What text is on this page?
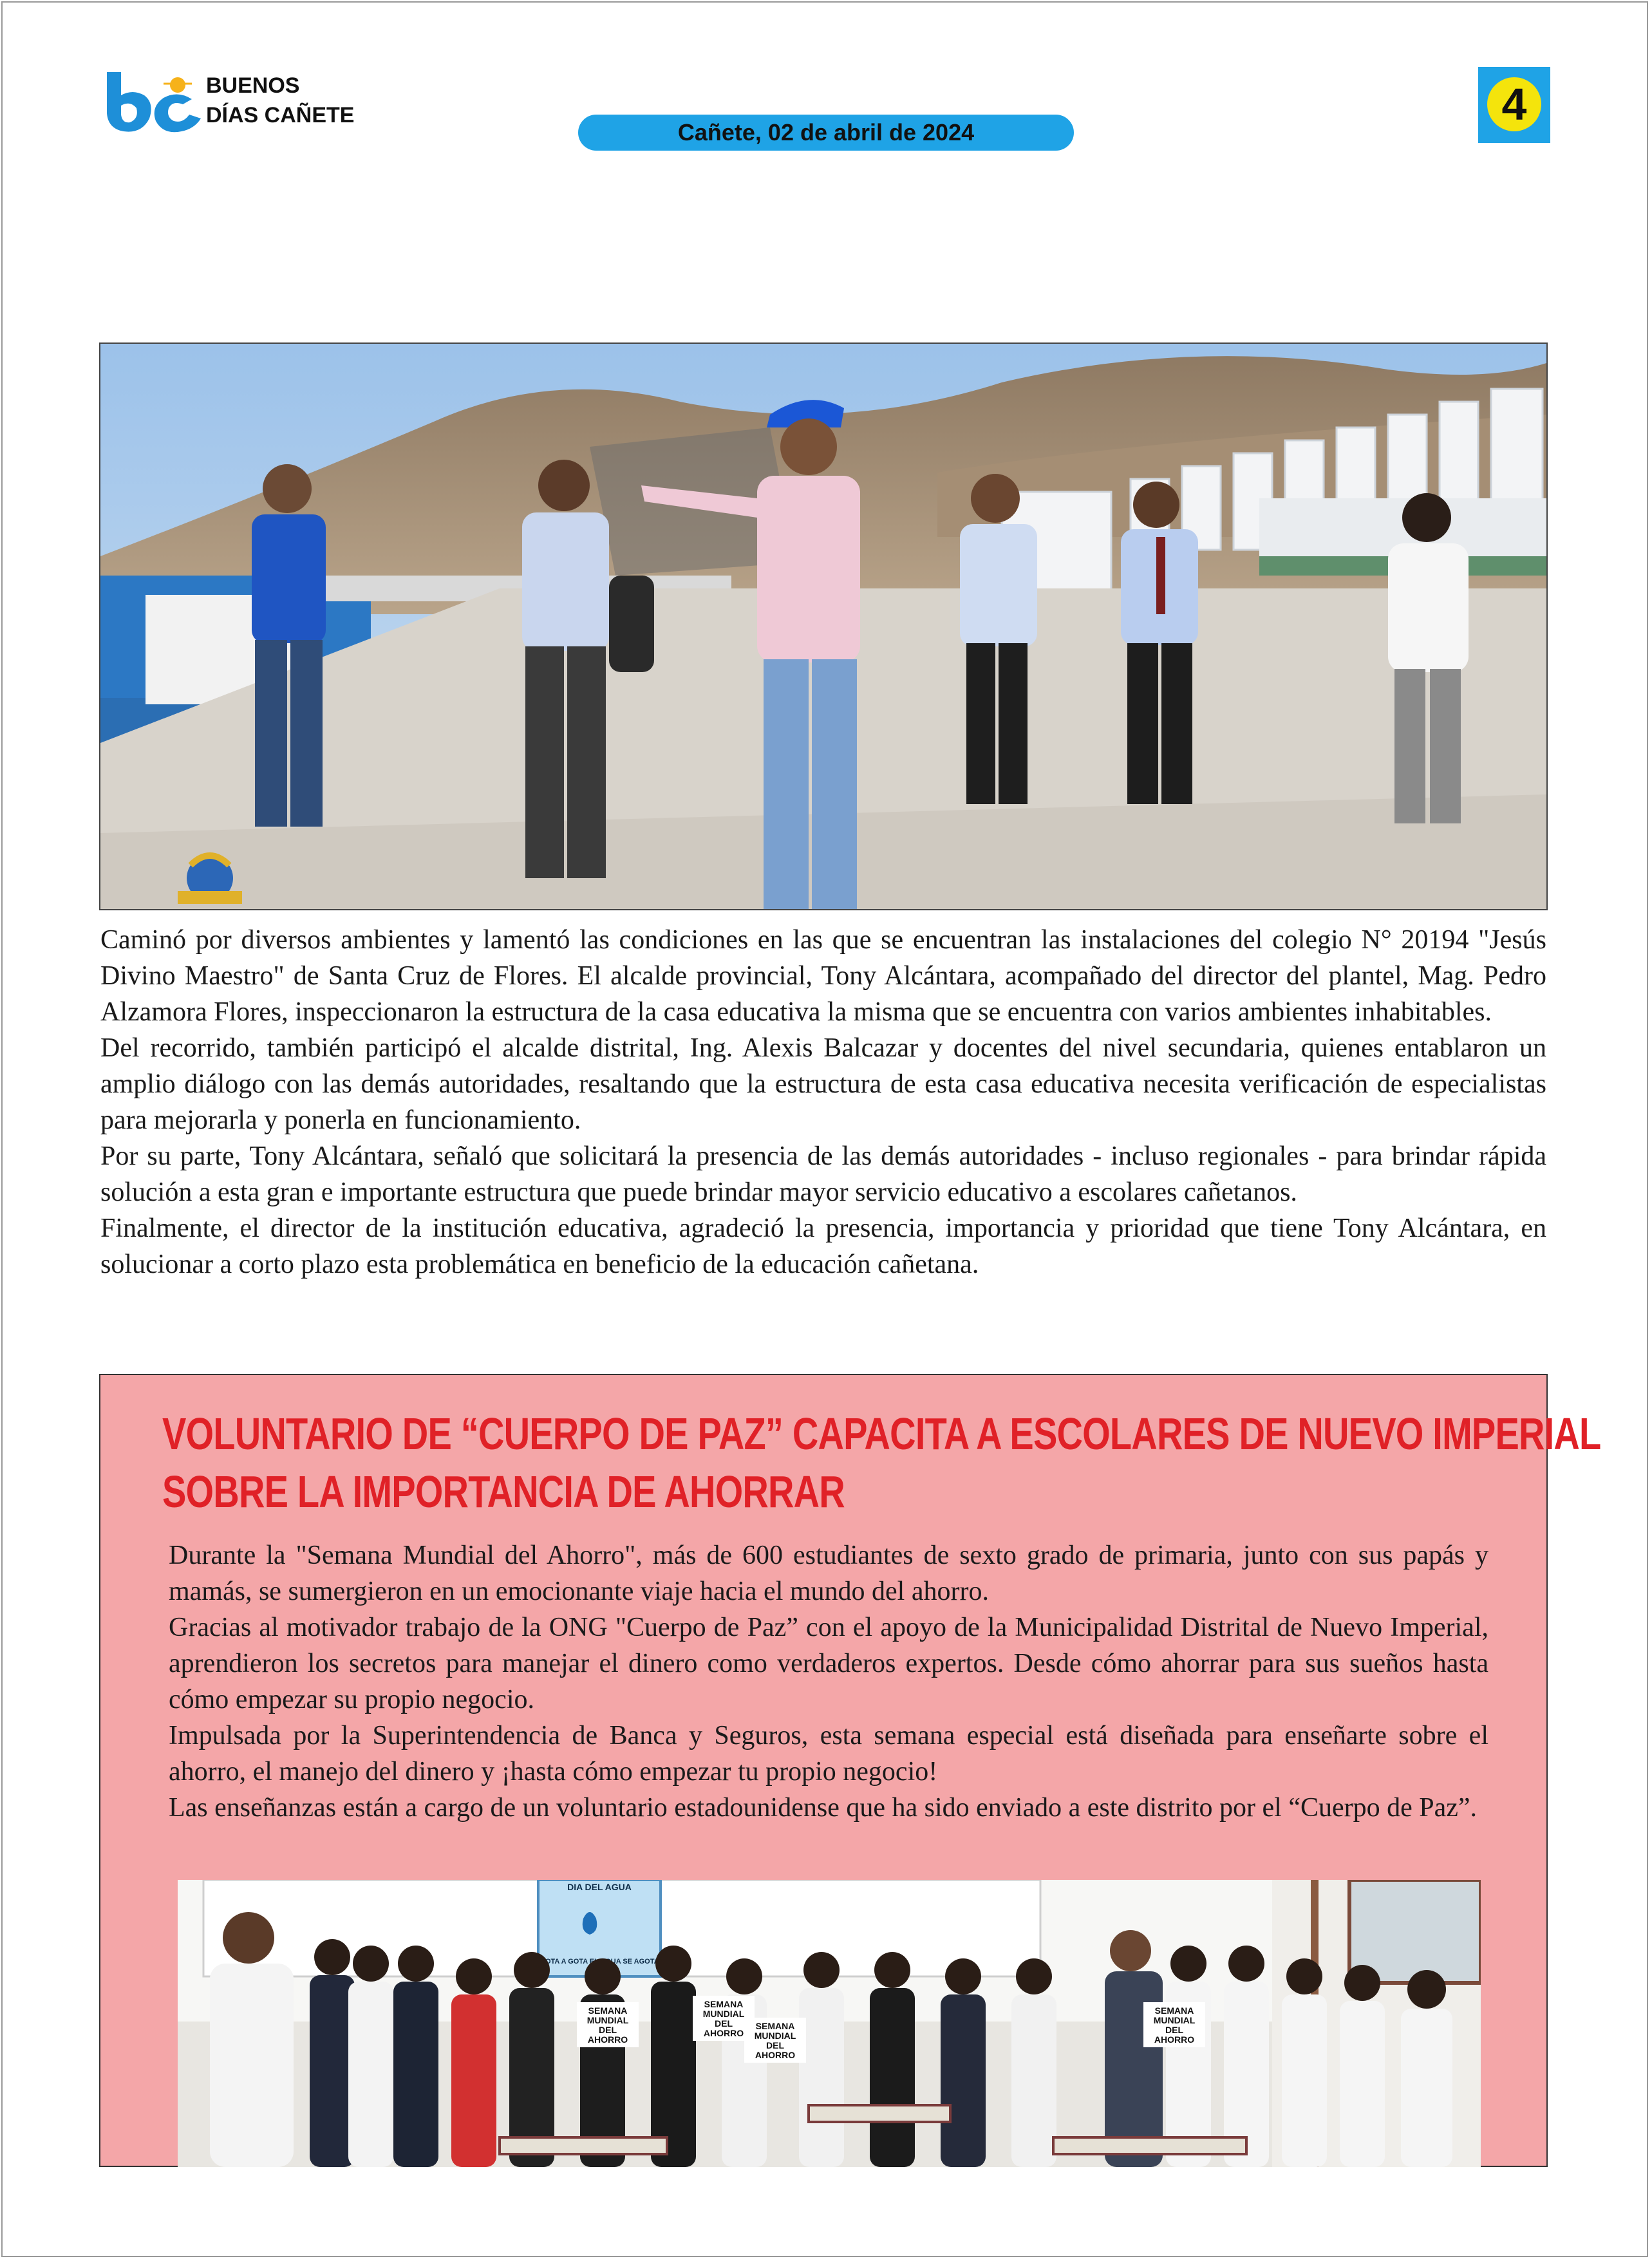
BUENOS
DÍAS CAÑETE
Cañete, 02 de abril de 2024
4

Caminó por diversos ambientes y lamentó las condiciones en las que se encuentran las instalaciones del colegio N° 20194 "Jesús Divino Maestro" de Santa Cruz de Flores. El alcalde provincial, Tony Alcántara, acompañado del director del plantel, Mag. Pedro Alzamora Flores, inspeccionaron la estructura de la casa educativa la misma que se encuentra con varios ambientes inhabitables.

Del recorrido, también participó el alcalde distrital, Ing. Alexis Balcazar y docentes del nivel secundaria, quienes entablaron un amplio diálogo con las demás autoridades, resaltando que la estructura de esta casa educativa necesita verificación de especialistas para mejorarla y ponerla en funcionamiento.

Por su parte, Tony Alcántara, señaló que solicitará la presencia de las demás autoridades - incluso regionales - para brindar rápida solución a esta gran e importante estructura que puede brindar mayor servicio educativo a escolares cañetanos.

Finalmente, el director de la institución educativa, agradeció la presencia, importancia y prioridad que tiene Tony Alcántara, en solucionar a corto plazo esta problemática en beneficio de la educación cañetana.

VOLUNTARIO DE “CUERPO DE PAZ” CAPACITA A ESCOLARES DE NUEVO IMPERIAL
SOBRE LA IMPORTANCIA DE AHORRAR

Durante la "Semana Mundial del Ahorro", más de 600 estudiantes de sexto grado de primaria, junto con sus papás y mamás, se sumergieron en un emocionante viaje hacia el mundo del ahorro.

Gracias al motivador trabajo de la ONG "Cuerpo de Paz” con el apoyo de la Municipalidad Distrital de Nuevo Imperial, aprendieron los secretos para manejar el dinero como verdaderos expertos. Desde cómo ahorrar para sus sueños hasta cómo empezar su propio negocio.

Impulsada por la Superintendencia de Banca y Seguros, esta semana especial está diseñada para enseñarte sobre el ahorro, el manejo del dinero y ¡hasta cómo empezar tu propio negocio!

Las enseñanzas están a cargo de un voluntario estadounidense que ha sido enviado a este distrito por el “Cuerpo de Paz”.

DIA DEL AGUA
GOTA A GOTA SE AGOTA
SEMANA
MUNDIAL
DEL
AHORRO
SEMANA
MUNDIAL
DEL
AHORRO
SEMANA
MUNDIAL
DEL
AHORRO
SEMANA
MUNDIAL
DEL
AHORRO
